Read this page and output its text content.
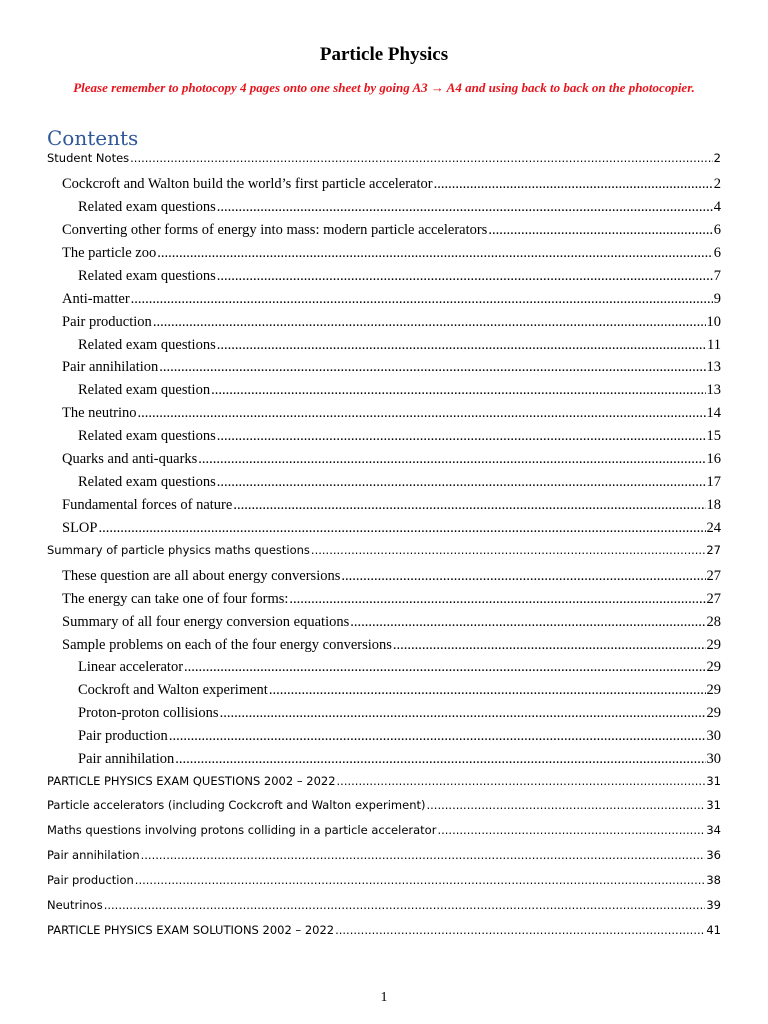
Particle Physics
Please remember to photocopy 4 pages onto one sheet by going A3 → A4 and using back to back on the photocopier.
Contents
Student Notes .....	2
Cockcroft and Walton build the world’s first particle accelerator .....	2
Related exam questions .....	4
Converting other forms of energy into mass: modern particle accelerators .....	6
The particle zoo .....	6
Related exam questions .....	7
Anti-matter .....	9
Pair production .....	10
Related exam questions .....	11
Pair annihilation .....	13
Related exam question .....	13
The neutrino .....	14
Related exam questions .....	15
Quarks and anti-quarks .....	16
Related exam questions .....	17
Fundamental forces of nature .....	18
SLOP .....	24
Summary of particle physics maths questions .....	27
These question are all about energy conversions .....	27
The energy can take one of four forms: .....	27
Summary of all four energy conversion equations .....	28
Sample problems on each of the four energy conversions .....	29
Linear accelerator .....	29
Cockroft and Walton experiment .....	29
Proton-proton collisions .....	29
Pair production .....	30
Pair annihilation .....	30
PARTICLE PHYSICS EXAM QUESTIONS 2002 – 2022 .....	31
Particle accelerators (including Cockcroft and Walton experiment) .....	31
Maths questions involving protons colliding in a particle accelerator .....	34
Pair annihilation .....	36
Pair production .....	38
Neutrinos .....	39
PARTICLE PHYSICS EXAM SOLUTIONS 2002 – 2022 .....	41
1
